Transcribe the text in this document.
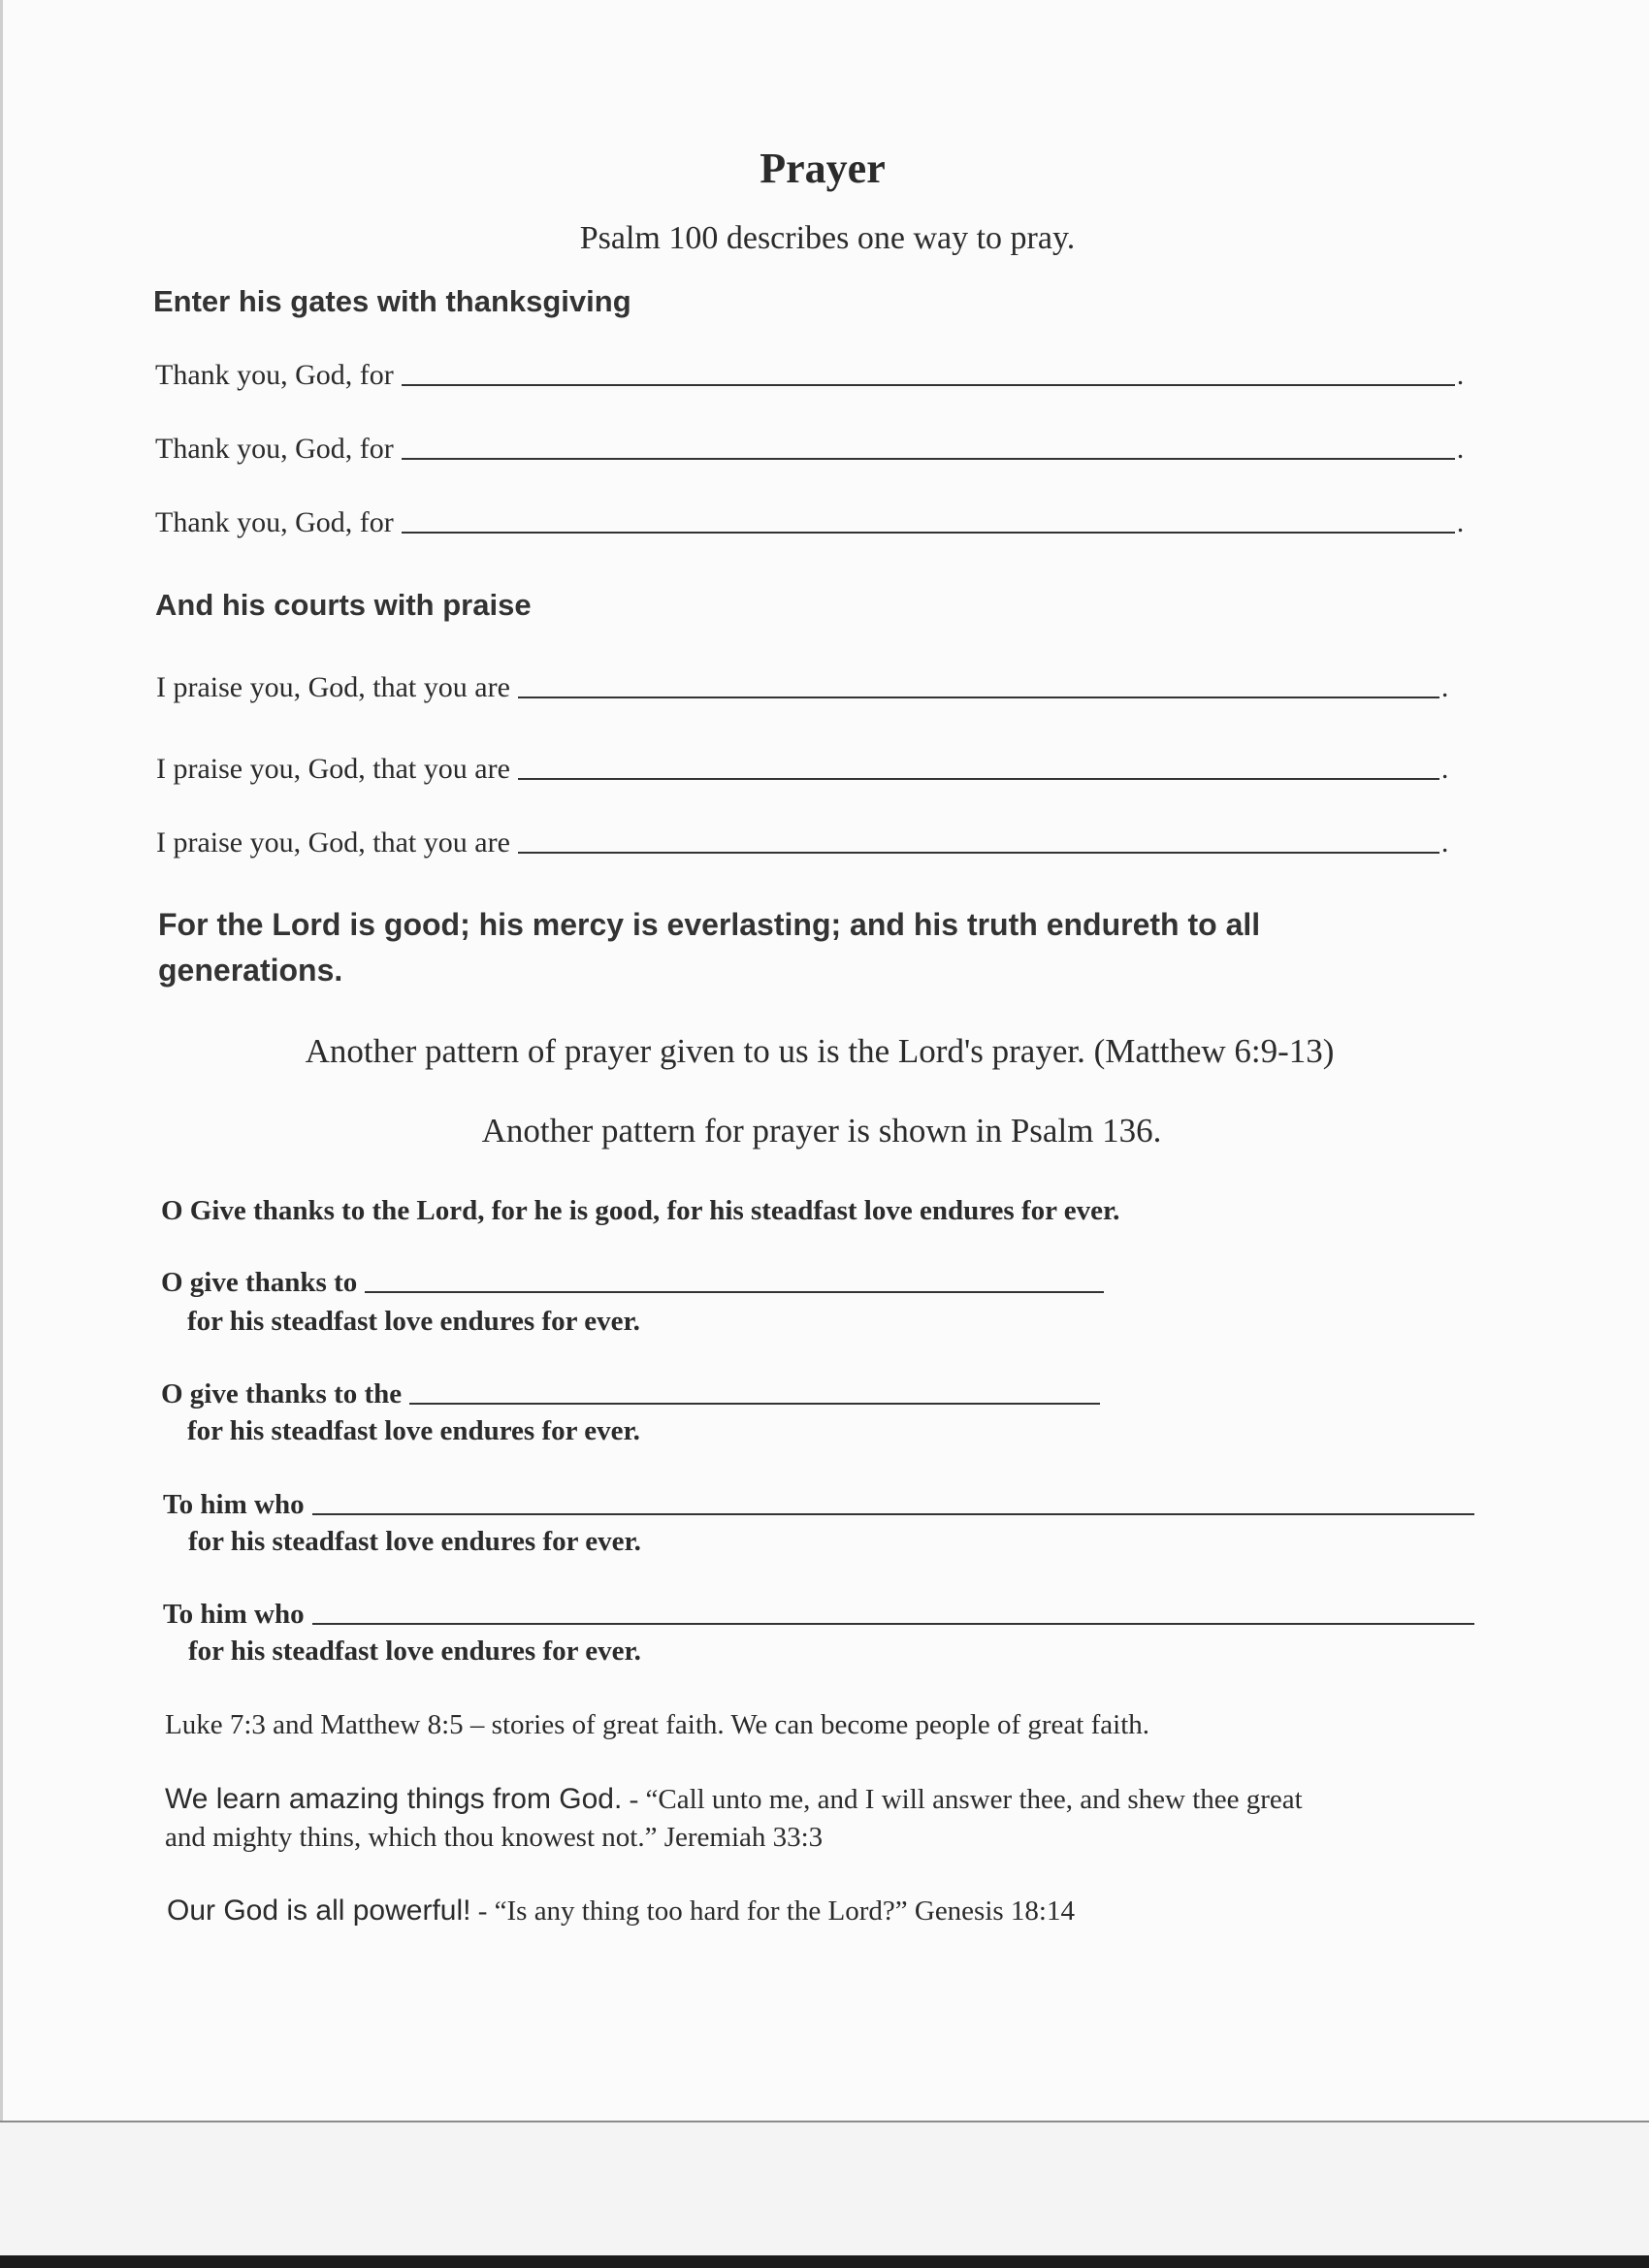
Prayer
Psalm 100 describes one way to pray.
Enter his gates with thanksgiving
Thank you, God, for	.
Thank you, God, for	.
Thank you, God, for	.
And his courts with praise
I praise you, God, that you are	.
I praise you, God, that you are	.
I praise you, God, that you are	.
For the Lord is good; his mercy is everlasting; and his truth endureth to all
generations.
Another pattern of prayer given to us is the Lord's prayer. (Matthew 6:9-13)
Another pattern for prayer is shown in Psalm 136.
O Give thanks to the Lord, for he is good, for his steadfast love endures for ever.
O give thanks to
for his steadfast love endures for ever.
O give thanks to the
for his steadfast love endures for ever.
To him who
for his steadfast love endures for ever.
To him who
for his steadfast love endures for ever.
Luke 7:3 and Matthew 8:5 – stories of great faith. We can become people of great faith.
We learn amazing things from God. - “Call unto me, and I will answer thee, and shew thee great
and mighty thins, which thou knowest not.” Jeremiah 33:3
Our God is all powerful! - “Is any thing too hard for the Lord?” Genesis 18:14
